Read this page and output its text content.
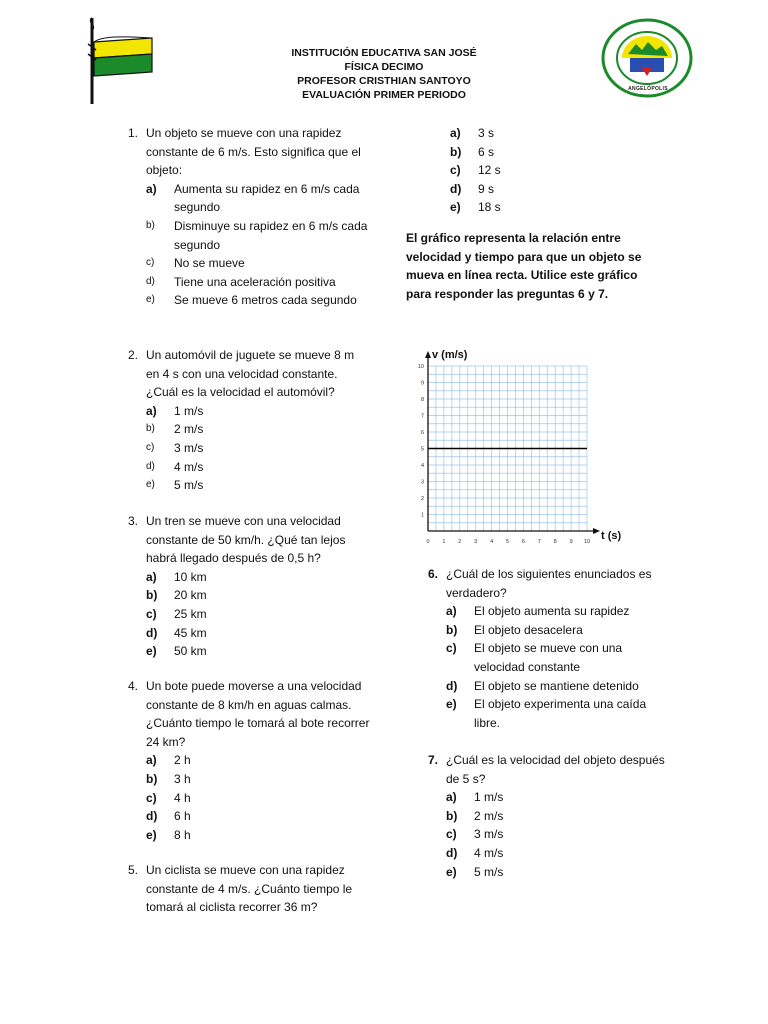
ANGELÓPOLIS
INSTITUCIÓN EDUCATIVA SAN JOSÉ
FÍSICA DECIMO
PROFESOR CRISTHIAN SANTOYO
EVALUACIÓN PRIMER PERIODO
1. Un objeto se mueve con una rapidez constante de 6 m/s. Esto significa que el objeto:
a) Aumenta su rapidez en 6 m/s cada segundo
b) Disminuye su rapidez en 6 m/s cada segundo
c) No se mueve
d) Tiene una aceleración positiva
e) Se mueve 6 metros cada segundo
2. Un automóvil de juguete se mueve 8 m en 4 s con una velocidad constante. ¿Cuál es la velocidad el automóvil?
a) 1 m/s
b) 2 m/s
c) 3 m/s
d) 4 m/s
e) 5 m/s
3. Un tren se mueve con una velocidad constante de 50 km/h. ¿Qué tan lejos habrá llegado después de 0,5 h?
a) 10 km
b) 20 km
c) 25 km
d) 45 km
e) 50 km
4. Un bote puede moverse a una velocidad constante de 8 km/h en aguas calmas. ¿Cuánto tiempo le tomará al bote recorrer 24 km?
a) 2 h
b) 3 h
c) 4 h
d) 6 h
e) 8 h
5. Un ciclista se mueve con una rapidez constante de 4 m/s. ¿Cuánto tiempo le tomará al ciclista recorrer 36 m?
a) 3 s
b) 6 s
c) 12 s
d) 9 s
e) 18 s
El gráfico representa la relación entre velocidad y tiempo para que un objeto se mueva en línea recta. Utilice este gráfico para responder las preguntas 6 y 7.
0 1 2 3 4 5 6 7 8 9 10
1
2
3
4
5
6
7
8
9
10
v (m/s)
t (s)
6. ¿Cuál de los siguientes enunciados es verdadero?
a) El objeto aumenta su rapidez
b) El objeto desacelera
c) El objeto se mueve con una velocidad constante
d) El objeto se mantiene detenido
e) El objeto experimenta una caída libre.
7. ¿Cuál es la velocidad del objeto después de 5 s?
a) 1 m/s
b) 2 m/s
c) 3 m/s
d) 4 m/s
e) 5 m/s
